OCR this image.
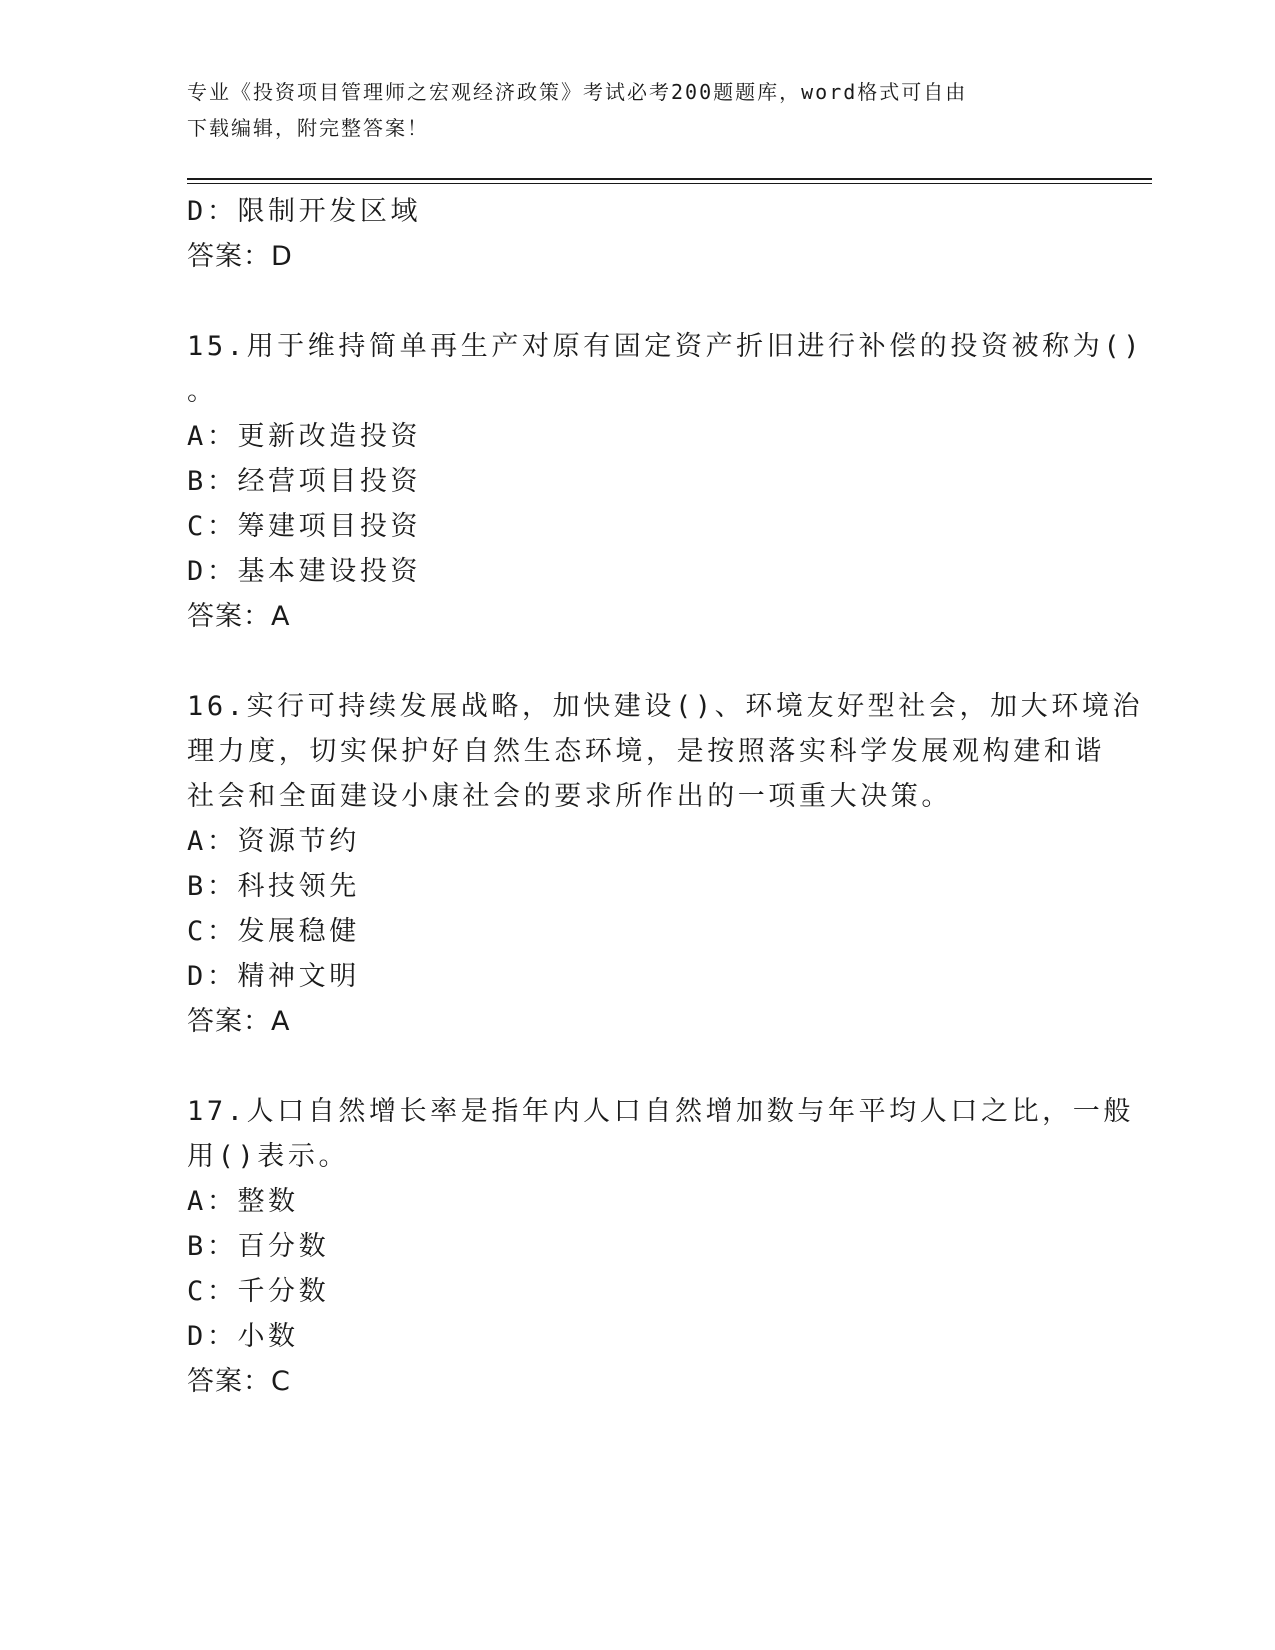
专业《投资项目管理师之宏观经济政策》考试必考200题题库，word格式可自由
下载编辑，附完整答案！
D：限制开发区域
答案：D
15.用于维持简单再生产对原有固定资产折旧进行补偿的投资被称为()
。
A：更新改造投资
B：经营项目投资
C：筹建项目投资
D：基本建设投资
答案：A
16.实行可持续发展战略，加快建设()、环境友好型社会，加大环境治
理力度，切实保护好自然生态环境，是按照落实科学发展观构建和谐
社会和全面建设小康社会的要求所作出的一项重大决策。
A：资源节约
B：科技领先
C：发展稳健
D：精神文明
答案：A
17.人口自然增长率是指年内人口自然增加数与年平均人口之比，一般
用()表示。
A：整数
B：百分数
C：千分数
D：小数
答案：C
